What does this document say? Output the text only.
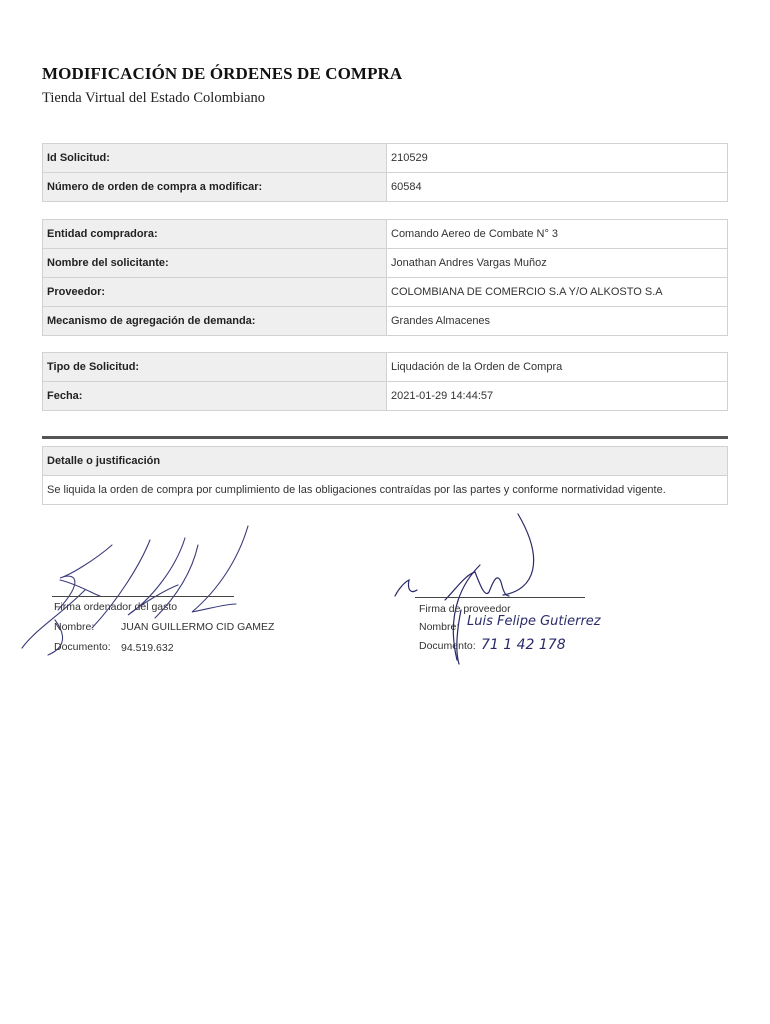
MODIFICACIÓN DE ÓRDENES DE COMPRA
Tienda Virtual del Estado Colombiano
Id Solicitud:	210529
Número de orden de compra a modificar:	60584
Entidad compradora:	Comando Aereo de Combate N° 3
Nombre del solicitante:	Jonathan Andres Vargas Muñoz
Proveedor:	COLOMBIANA DE COMERCIO S.A Y/O ALKOSTO S.A
Mecanismo de agregación de demanda:	Grandes Almacenes
Tipo de Solicitud:	Liqudación de la Orden de Compra
Fecha:	2021-01-29 14:44:57
Detalle o justificación
Se liquida la orden de compra por cumplimiento de las obligaciones contraídas por las partes y conforme normatividad vigente.
Firma ordenador del gasto
Nombre:	JUAN GUILLERMO CID GAMEZ
Documento: 94.519.632
Firma de proveedor
Nombre: Luis Felipe Gutierrez
Documento: 71 1 42 178
